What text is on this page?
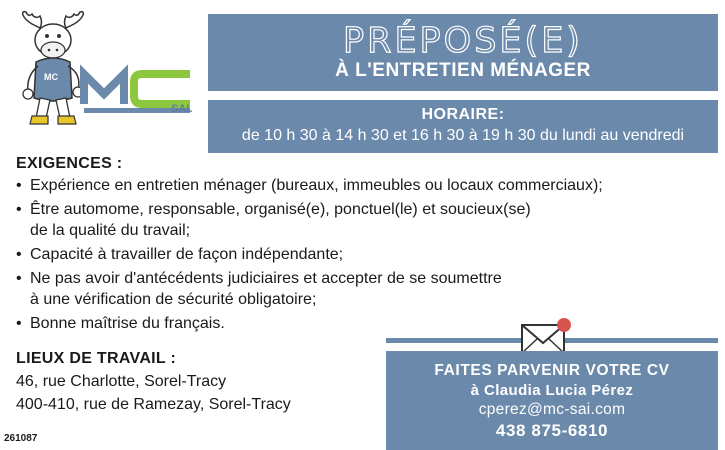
MC
SAI.
PRÉPOSÉ(E)
À L'ENTRETIEN MÉNAGER
HORAIRE:
de 10 h 30 à 14 h 30 et 16 h 30 à 19 h 30 du lundi au vendredi
EXIGENCES :
• Expérience en entretien ménager (bureaux, immeubles ou locaux commerciaux);
• Être automome, responsable, organisé(e), ponctuel(le) et soucieux(se)
de la qualité du travail;
• Capacité à travailler de façon indépendante;
• Ne pas avoir d'antécédents judiciaires et accepter de se soumettre
à une vérification de sécurité obligatoire;
• Bonne maîtrise du français.
LIEUX DE TRAVAIL :
46, rue Charlotte, Sorel-Tracy
400-410, rue de Ramezay, Sorel-Tracy
261087
FAITES PARVENIR VOTRE CV
à Claudia Lucia Pérez
cperez@mc-sai.com
438 875-6810
